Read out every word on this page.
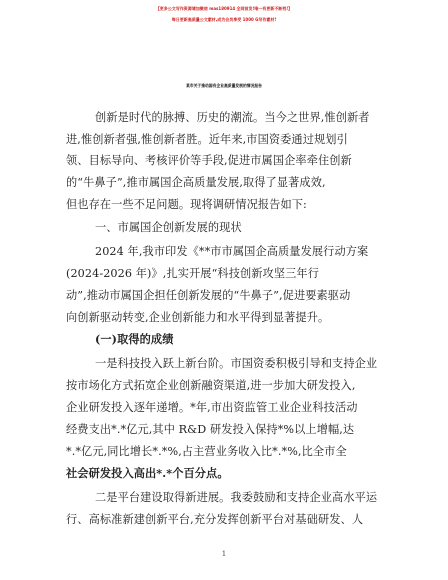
【更多公文写作资源请加微信 mas180914 全网首发!唯一有更新不断档!】
每日更新高质量公文素材,成为会员享受 1000 G写作素材!
某市关于推动国有企业高质量发展的情况报告
创新是时代的脉搏、历史的潮流。当今之世界,惟创新者
进,惟创新者强,惟创新者胜。近年来,市国资委通过规划引
领、目标导向、考核评价等手段,促进市属国企率牵住创新
的“牛鼻子”,推市属国企高质量发展,取得了显著成效,
但也存在一些不足问题。现将调研情况报告如下:
一、市属国企创新发展的现状
2024 年,我市印发《**市市属国企高质量发展行动方案
(2024-2026 年)》,扎实开展“科技创新攻坚三年行
动”,推动市属国企担任创新发展的“牛鼻子”,促进要素驱动
向创新驱动转变,企业创新能力和水平得到显著提升。
(一)取得的成绩
一是科技投入跃上新台阶。市国资委积极引导和支持企业
按市场化方式拓宽企业创新融资渠道,进一步加大研发投入,
企业研发投入逐年递增。*年,市出资监管工业企业科技活动
经费支出*.*亿元,其中 R&D 研发投入保持*%以上增幅,达
*.*亿元,同比增长*.*%,占主营业务收入比*.*%,比全市全
社会研发投入高出*.*个百分点。
二是平台建设取得新进展。我委鼓励和支持企业高水平运
行、高标准新建创新平台,充分发挥创新平台对基础研发、人
1
